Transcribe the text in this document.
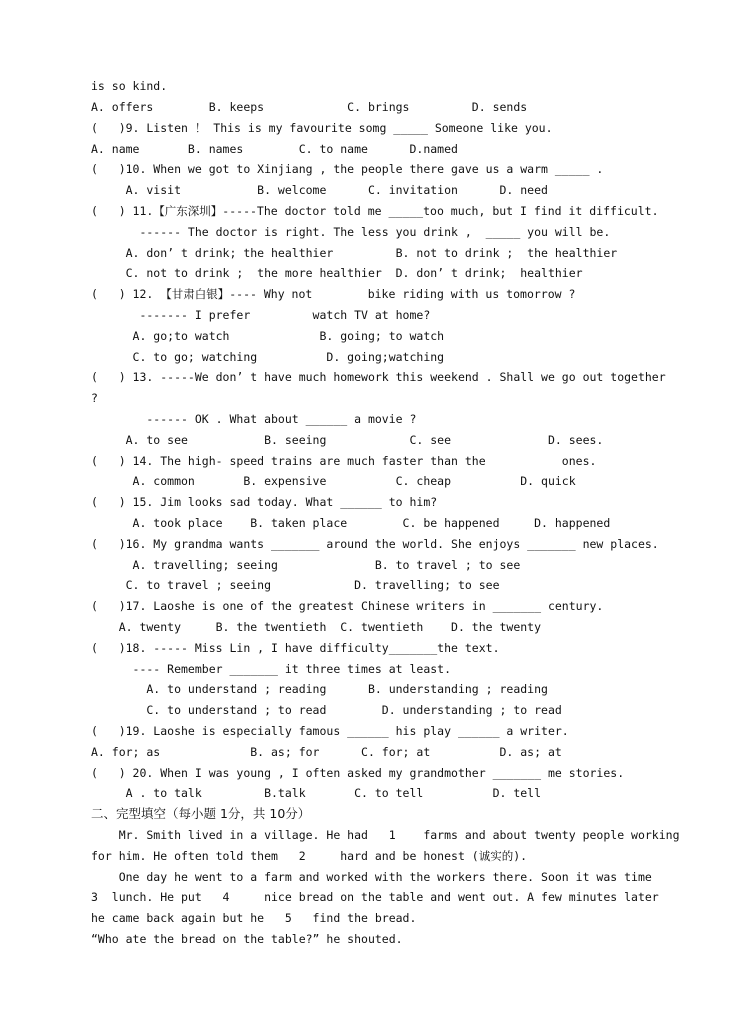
is so kind.
A. offers        B. keeps            C. brings         D. sends
(   )9. Listen ！ This is my favourite somg _____ Someone like you.
A. name       B. names        C. to name      D.named
(   )10. When we got to Xinjiang , the people there gave us a warm _____ .
A. visit           B. welcome      C. invitation      D. need
(   ) 11.【广东深圳】-----The doctor told me _____too much, but I find it difficult.
------ The doctor is right. The less you drink ,  _____ you will be.
A. don’ t drink; the healthier         B. not to drink ;  the healthier
C. not to drink ;  the more healthier  D. don’ t drink;  healthier
(   ) 12. 【甘肃白银】---- Why not        bike riding with us tomorrow ?
------- I prefer         watch TV at home?
A. go;to watch             B. going; to watch
C. to go; watching          D. going;watching
(   ) 13. -----We don’ t have much homework this weekend . Shall we go out together
?
------ OK . What about ______ a movie ?
A. to see           B. seeing            C. see              D. sees.
(   ) 14. The high- speed trains are much faster than the           ones.
A. common       B. expensive          C. cheap          D. quick
(   ) 15. Jim looks sad today. What ______ to him?
A. took place    B. taken place        C. be happened     D. happened
(   )16. My grandma wants _______ around the world. She enjoys _______ new places.
A. travelling; seeing              B. to travel ; to see
C. to travel ; seeing            D. travelling; to see
(   )17. Laoshe is one of the greatest Chinese writers in _______ century.
A. twenty     B. the twentieth  C. twentieth    D. the twenty
(   )18. ----- Miss Lin , I have difficulty_______the text.
---- Remember _______ it three times at least.
A. to understand ; reading      B. understanding ; reading
C. to understand ; to read        D. understanding ; to read
(   )19. Laoshe is especially famous ______ his play ______ a writer.
A. for; as             B. as; for      C. for; at          D. as; at
(   ) 20. When I was young , I often asked my grandmother _______ me stories.
A . to talk         B.talk       C. to tell          D. tell
二、完型填空（每小题 1分，共 10分）
Mr. Smith lived in a village. He had   1    farms and about twenty people working
for him. He often told them   2     hard and be honest (诚实的).
One day he went to a farm and worked with the workers there. Soon it was time
3  lunch. He put   4     nice bread on the table and went out. A few minutes later
he came back again but he   5   find the bread.
“Who ate the bread on the table?” he shouted.
